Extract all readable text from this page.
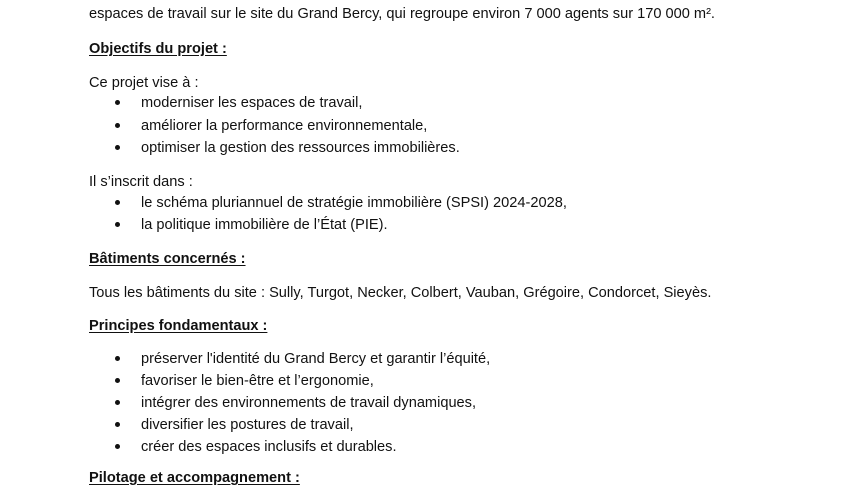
espaces de travail sur le site du Grand Bercy, qui regroupe environ 7 000 agents sur 170 000 m².
Objectifs du projet :
Ce projet vise à :
moderniser les espaces de travail,
améliorer la performance environnementale,
optimiser la gestion des ressources immobilières.
Il s’inscrit dans :
le schéma pluriannuel de stratégie immobilière (SPSI) 2024-2028,
la politique immobilière de l’État (PIE).
Bâtiments concernés :
Tous les bâtiments du site : Sully, Turgot, Necker, Colbert, Vauban, Grégoire, Condorcet, Sieyès.
Principes fondamentaux :
préserver l'identité du Grand Bercy et garantir l’équité,
favoriser le bien-être et l’ergonomie,
intégrer des environnements de travail dynamiques,
diversifier les postures de travail,
créer des espaces inclusifs et durables.
Pilotage et accompagnement :
